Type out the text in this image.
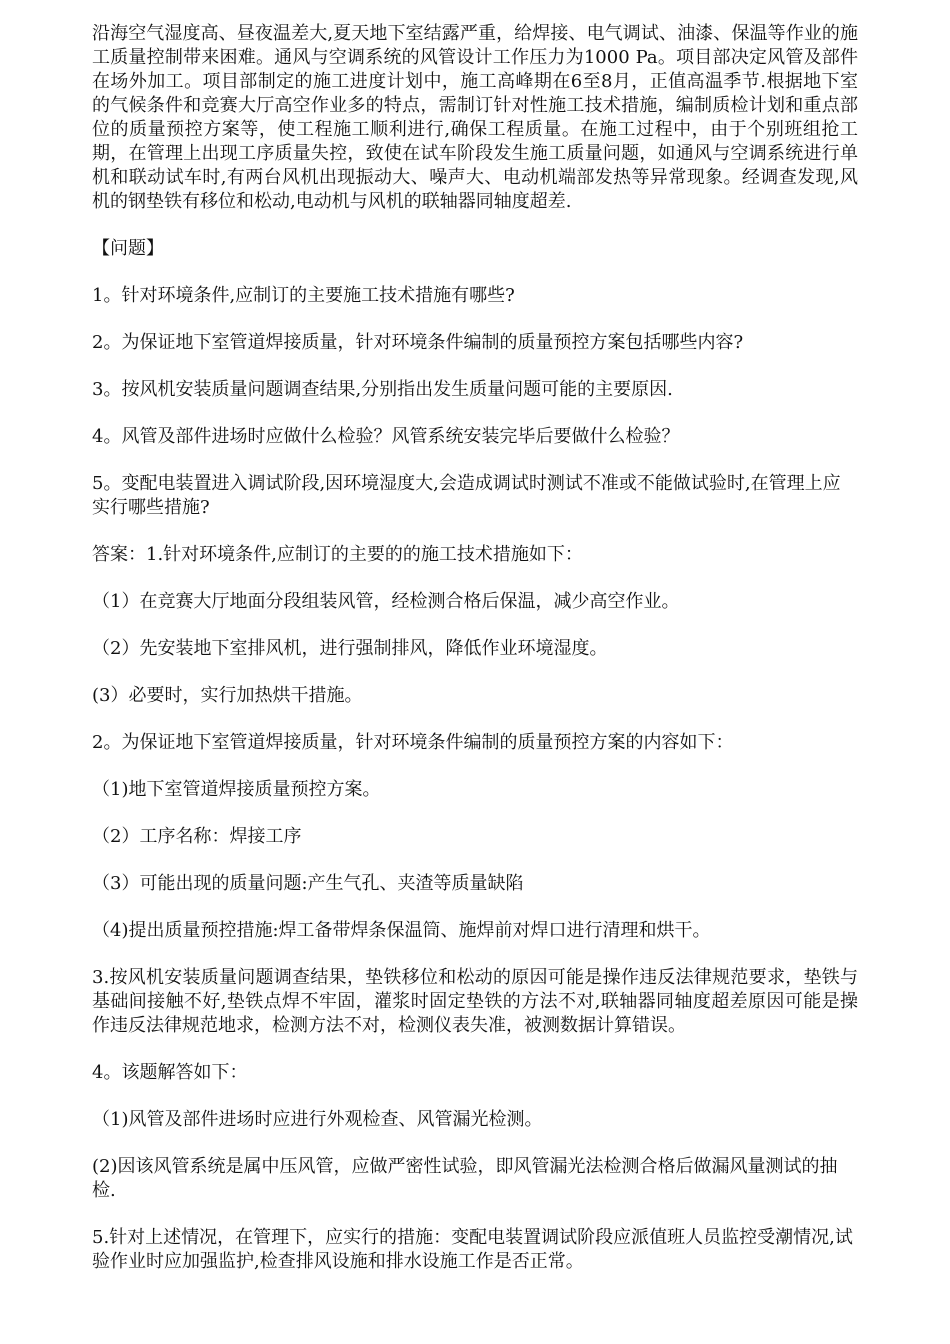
沿海空气湿度高、昼夜温差大,夏天地下室结露严重，给焊接、电气调试、油漆、保温等作业的施工质量控制带来困难。通风与空调系统的风管设计工作压力为1000 Pa。项目部决定风管及部件在场外加工。项目部制定的施工进度计划中，施工高峰期在6至8月，正值高温季节.根据地下室的气候条件和竞赛大厅高空作业多的特点，需制订针对性施工技术措施，编制质检计划和重点部位的质量预控方案等，使工程施工顺利进行,确保工程质量。在施工过程中，由于个别班组抢工期，在管理上出现工序质量失控，致使在试车阶段发生施工质量问题，如通风与空调系统进行单机和联动试车时,有两台风机出现振动大、噪声大、电动机端部发热等异常现象。经调查发现,风机的钢垫铁有移位和松动,电动机与风机的联轴器同轴度超差.

【问题】

1。针对环境条件,应制订的主要施工技术措施有哪些?

2。为保证地下室管道焊接质量，针对环境条件编制的质量预控方案包括哪些内容?

3。按风机安装质量问题调查结果,分别指出发生质量问题可能的主要原因.

4。风管及部件进场时应做什么检验？风管系统安装完毕后要做什么检验？

5。变配电装置进入调试阶段,因环境湿度大,会造成调试时测试不准或不能做试验时,在管理上应实行哪些措施?

答案：1.针对环境条件,应制订的主要的的施工技术措施如下：

（1）在竞赛大厅地面分段组装风管，经检测合格后保温，减少高空作业。

（2）先安装地下室排风机，进行强制排风，降低作业环境湿度。

(3）必要时，实行加热烘干措施。

2。为保证地下室管道焊接质量，针对环境条件编制的质量预控方案的内容如下：

（1)地下室管道焊接质量预控方案。

（2）工序名称：焊接工序

（3）可能出现的质量问题:产生气孔、夹渣等质量缺陷

（4)提出质量预控措施:焊工备带焊条保温筒、施焊前对焊口进行清理和烘干。

3.按风机安装质量问题调查结果，垫铁移位和松动的原因可能是操作违反法律规范要求，垫铁与基础间接触不好,垫铁点焊不牢固，灌浆时固定垫铁的方法不对,联轴器同轴度超差原因可能是操作违反法律规范地求，检测方法不对，检测仪表失准，被测数据计算错误。

4。该题解答如下：

（1)风管及部件进场时应进行外观检查、风管漏光检测。

(2)因该风管系统是属中压风管，应做严密性试验，即风管漏光法检测合格后做漏风量测试的抽检.

5.针对上述情况，在管理下，应实行的措施：变配电装置调试阶段应派值班人员监控受潮情况,试验作业时应加强监护,检查排风设施和排水设施工作是否正常。
